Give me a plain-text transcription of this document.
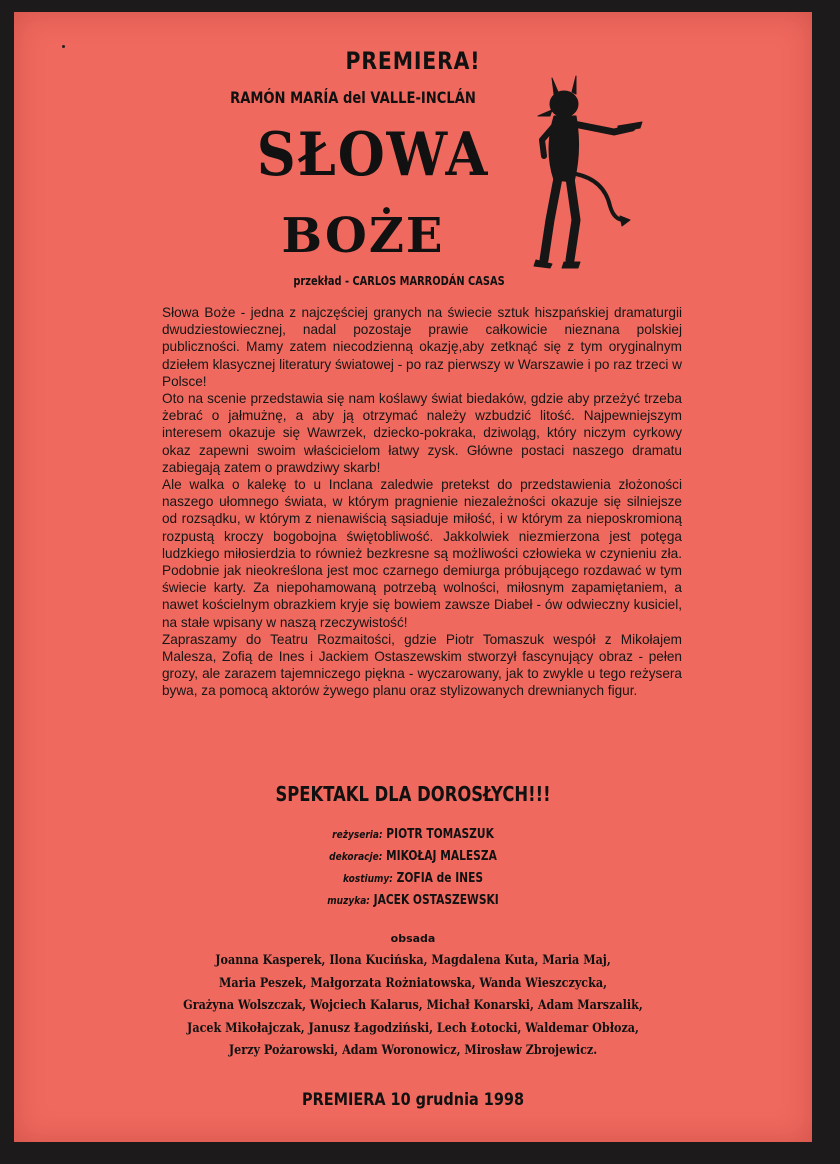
PREMIERA!
RAMÓN MARÍA del VALLE-INCLÁN
SŁOWA
BOŻE
przekład - CARLOS MARRODÁN CASAS

Słowa Boże - jedna z najczęściej granych na świecie sztuk hiszpańskiej dramaturgii dwudziestowiecznej, nadal pozostaje prawie całkowicie nieznana polskiej publiczności. Mamy zatem niecodzienną okazję,aby zetknąć się z tym oryginalnym dziełem klasycznej literatury światowej - po raz pierwszy w Warszawie i po raz trzeci w Polsce!

Oto na scenie przedstawia się nam koślawy świat biedaków, gdzie aby przeżyć trzeba żebrać o jałmużnę, a aby ją otrzymać należy wzbudzić litość. Najpewniejszym interesem okazuje się Wawrzek, dziecko-pokraka, dziwoląg, który niczym cyrkowy okaz zapewni swoim właścicielom łatwy zysk. Główne postaci naszego dramatu zabiegają zatem o prawdziwy skarb!

Ale walka o kalekę to u Inclana zaledwie pretekst do przedstawienia złożoności naszego ułomnego świata, w którym pragnienie niezależności okazuje się silniejsze od rozsądku, w którym z nienawiścią sąsiaduje miłość, i w którym za nieposkromioną rozpustą kroczy bogobojna świętobliwość. Jakkolwiek niezmierzona jest potęga ludzkiego miłosierdzia to również bezkresne są możliwości człowieka w czynieniu zła. Podobnie jak nieokreślona jest moc czarnego demiurga próbującego rozdawać w tym świecie karty. Za niepohamowaną potrzebą wolności, miłosnym zapamiętaniem, a nawet kościelnym obrazkiem kryje się bowiem zawsze Diabeł - ów odwieczny kusiciel, na stałe wpisany w naszą rzeczywistość!

Zapraszamy do Teatru Rozmaitości, gdzie Piotr Tomaszuk wespół z Mikołajem Malesza, Zofią de Ines i Jackiem Ostaszewskim stworzył fascynujący obraz - pełen grozy, ale zarazem tajemniczego piękna - wyczarowany, jak to zwykle u tego reżysera bywa, za pomocą aktorów żywego planu oraz stylizowanych drewnianych figur.

SPEKTAKL DLA DOROSŁYCH!!!
reżyseria: PIOTR TOMASZUK
dekoracje: MIKOŁAJ MALESZA
kostiumy: ZOFIA de INES
muzyka: JACEK OSTASZEWSKI
obsada
Joanna Kasperek, Ilona Kucińska, Magdalena Kuta, Maria Maj,
Maria Peszek, Małgorzata Rożniatowska, Wanda Wieszczycka,
Grażyna Wolszczak, Wojciech Kalarus, Michał Konarski, Adam Marszalik,
Jacek Mikołajczak, Janusz Łagodziński, Lech Łotocki, Waldemar Obłoza,
Jerzy Pożarowski, Adam Woronowicz, Mirosław Zbrojewicz.
PREMIERA 10 grudnia 1998
